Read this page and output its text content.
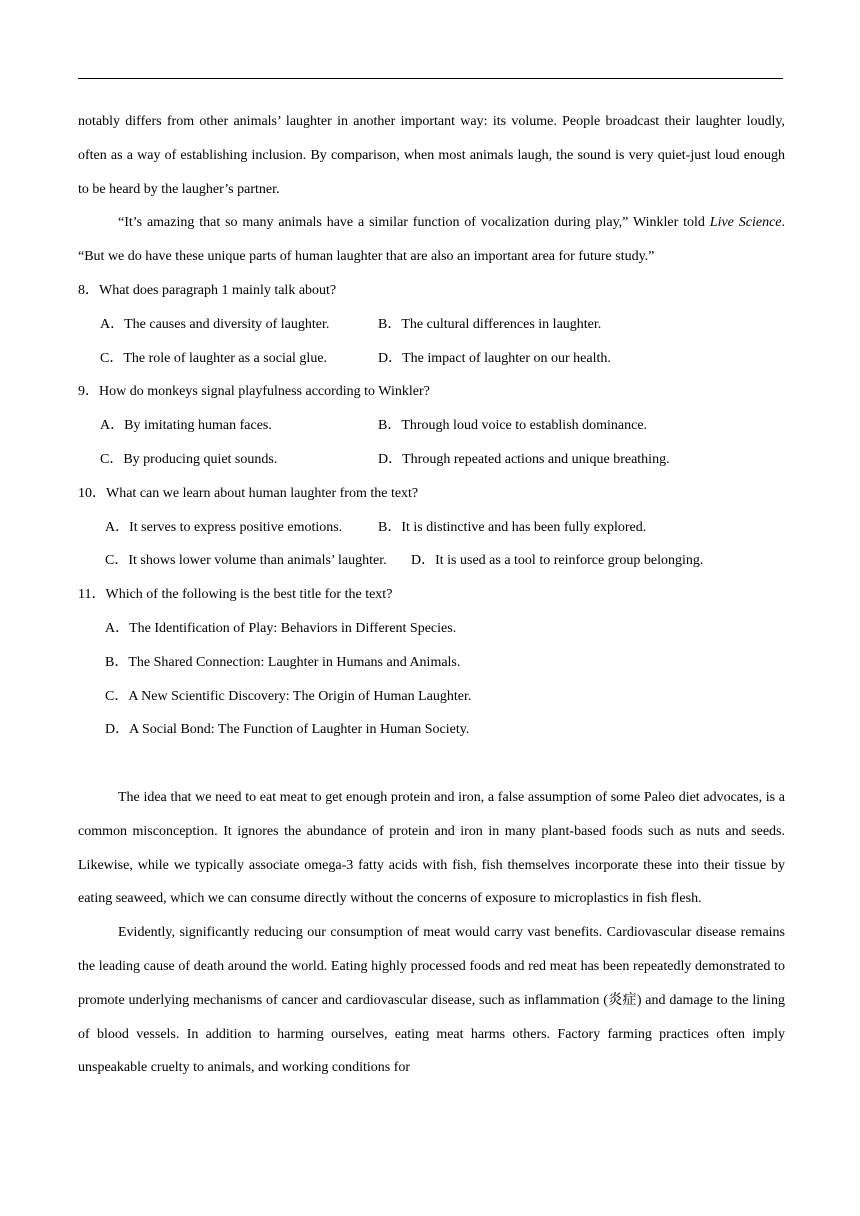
notably differs from other animals’ laughter in another important way: its volume. People broadcast their laughter loudly, often as a way of establishing inclusion. By comparison, when most animals laugh, the sound is very quiet-just loud enough to be heard by the laugher’s partner.

“It’s amazing that so many animals have a similar function of vocalization during play,” Winkler told Live Science. “But we do have these unique parts of human laughter that are also an important area for future study.”

8．What does paragraph 1 mainly talk about?

A．The causes and diversity of laughter.	B．The cultural differences in laughter.
C．The role of laughter as a social glue.	D．The impact of laughter on our health.

9．How do monkeys signal playfulness according to Winkler?

A．By imitating human faces.	B．Through loud voice to establish dominance.
C．By producing quiet sounds.	D．Through repeated actions and unique breathing.

10．What can we learn about human laughter from the text?

A．It serves to express positive emotions.	B．It is distinctive and has been fully explored.
C．It shows lower volume than animals’ laughter. D．It is used as a tool to reinforce group belonging.

11．Which of the following is the best title for the text?

A．The Identification of Play: Behaviors in Different Species.
B．The Shared Connection: Laughter in Humans and Animals.
C．A New Scientific Discovery: The Origin of Human Laughter.
D．A Social Bond: The Function of Laughter in Human Society.

The idea that we need to eat meat to get enough protein and iron, a false assumption of some Paleo diet advocates, is a common misconception. It ignores the abundance of protein and iron in many plant-based foods such as nuts and seeds. Likewise, while we typically associate omega-3 fatty acids with fish, fish themselves incorporate these into their tissue by eating seaweed, which we can consume directly without the concerns of exposure to microplastics in fish flesh.

Evidently, significantly reducing our consumption of meat would carry vast benefits. Cardiovascular disease remains the leading cause of death around the world. Eating highly processed foods and red meat has been repeatedly demonstrated to promote underlying mechanisms of cancer and cardiovascular disease, such as inflammation (炎症) and damage to the lining of blood vessels. In addition to harming ourselves, eating meat harms others. Factory farming practices often imply unspeakable cruelty to animals, and working conditions for
